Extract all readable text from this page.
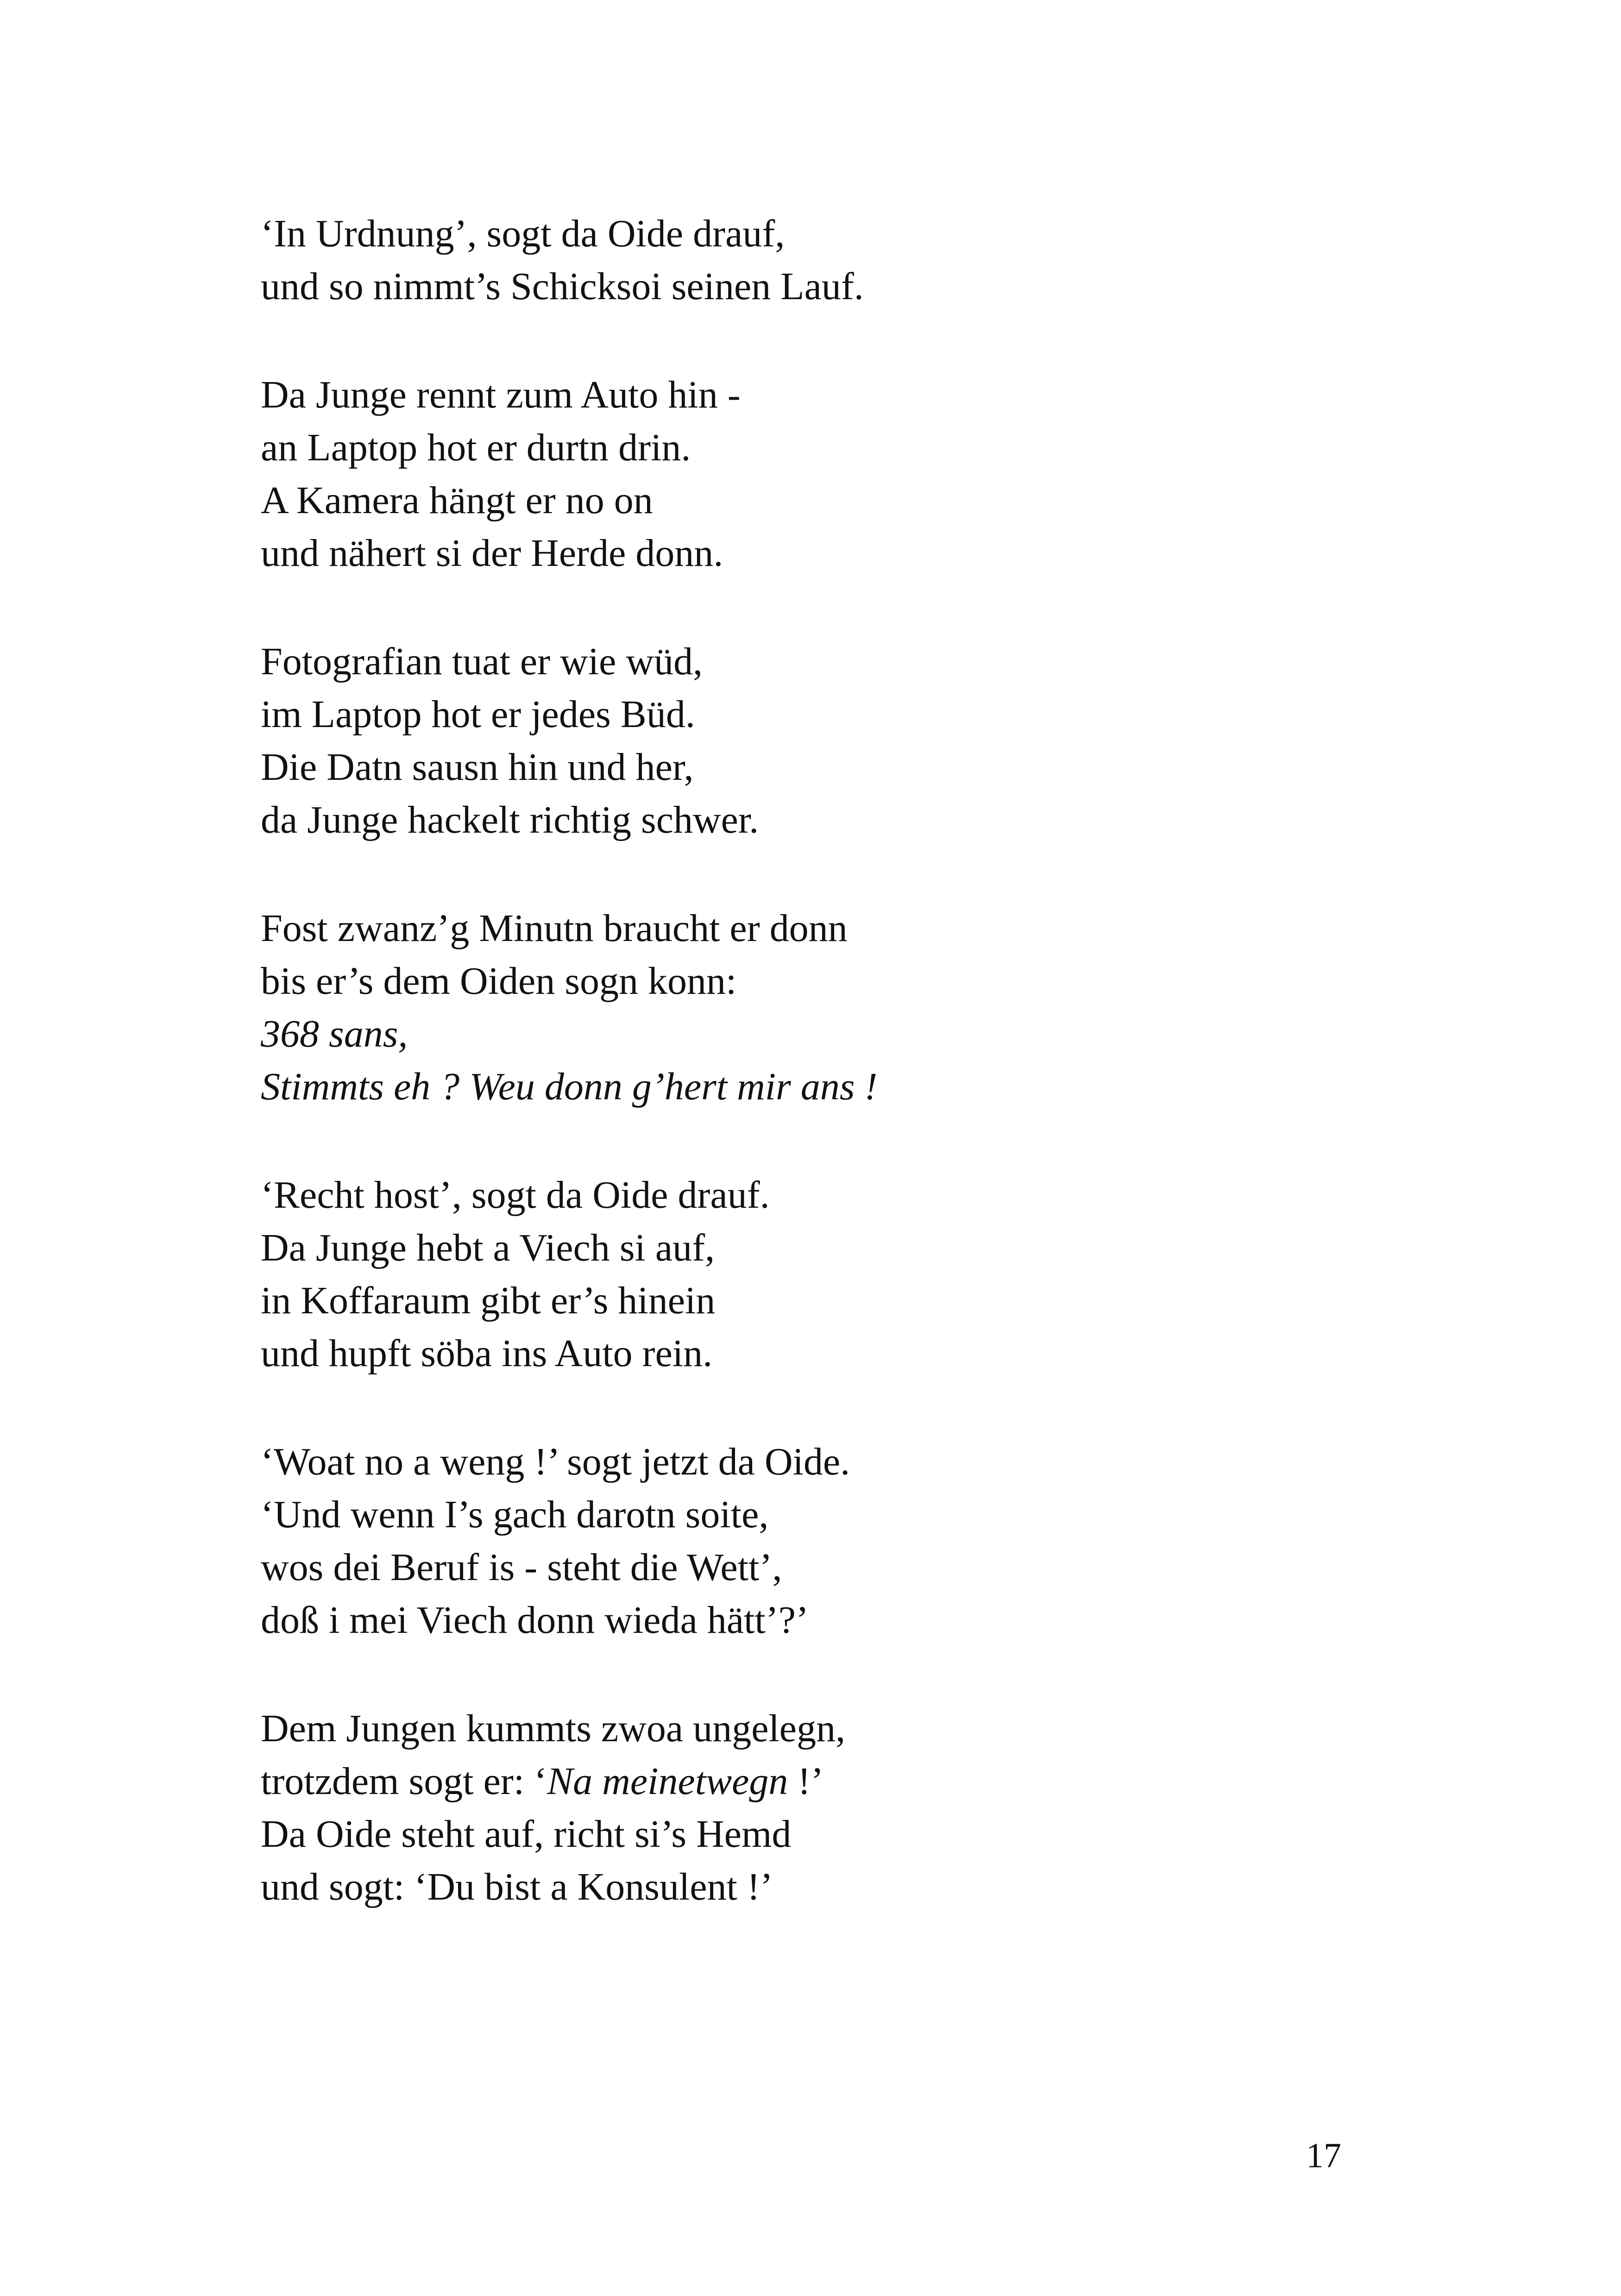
‘In Urdnung’, sogt da Oide drauf,
und so nimmt’s Schicksoi seinen Lauf.
Da Junge rennt zum Auto hin -
an Laptop hot er durtn drin.
A Kamera hängt er no on
und nähert si der Herde donn.
Fotografian tuat er wie wüd,
im Laptop hot er jedes Büd.
Die Datn sausn hin und her,
da Junge hackelt richtig schwer.
Fost zwanz’g Minutn braucht er donn
bis er’s dem Oiden sogn konn:
368 sans,
Stimmts eh ? Weu donn g’hert mir ans !
‘Recht host’, sogt da Oide drauf.
Da Junge hebt a Viech si auf,
in Koffaraum gibt er’s hinein
und hupft söba ins Auto rein.
‘Woat no a weng !’ sogt jetzt da Oide.
‘Und wenn I’s gach darotn soite,
wos dei Beruf is - steht die Wett’,
doß i mei Viech donn wieda hätt’?’
Dem Jungen kummts zwoa ungelegn,
trotzdem sogt er: ‘Na meinetwegn !’
Da Oide steht auf, richt si’s Hemd
und sogt: ‘Du bist a Konsulent !’
17
